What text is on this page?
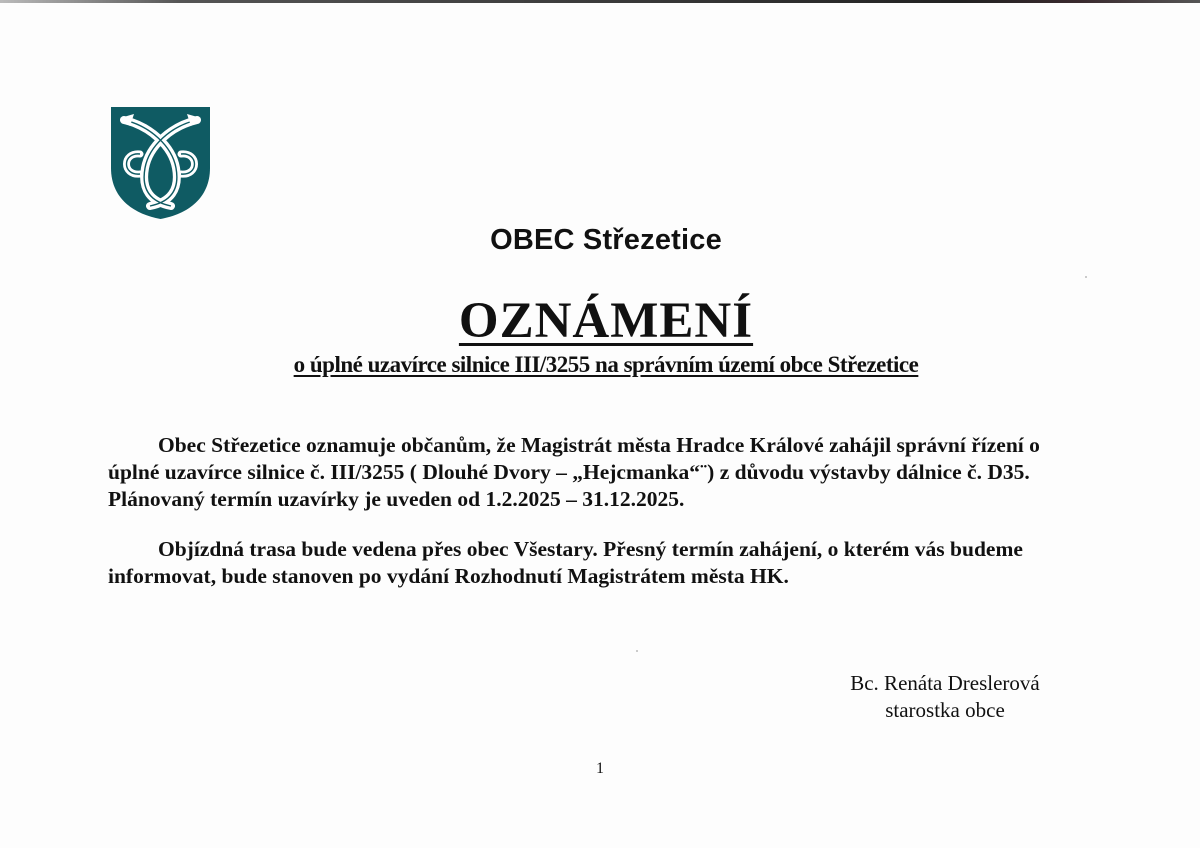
OBEC Střezetice
OZNÁMENÍ
o úplné uzavírce silnice III/3255 na správním území obce Střezetice
Obec Střezetice oznamuje občanům, že Magistrát města Hradce Králové zahájil správní řízení o
úplné uzavírce silnice č. III/3255 ( Dlouhé Dvory – „Hejcmanka“¨) z důvodu výstavby dálnice č. D35.
Plánovaný termín uzavírky je uveden od 1.2.2025 – 31.12.2025.
Objízdná trasa bude vedena přes obec Všestary. Přesný termín zahájení, o kterém vás budeme
informovat, bude stanoven po vydání Rozhodnutí Magistrátem města HK.
Bc. Renáta Dreslerová
starostka obce
1
